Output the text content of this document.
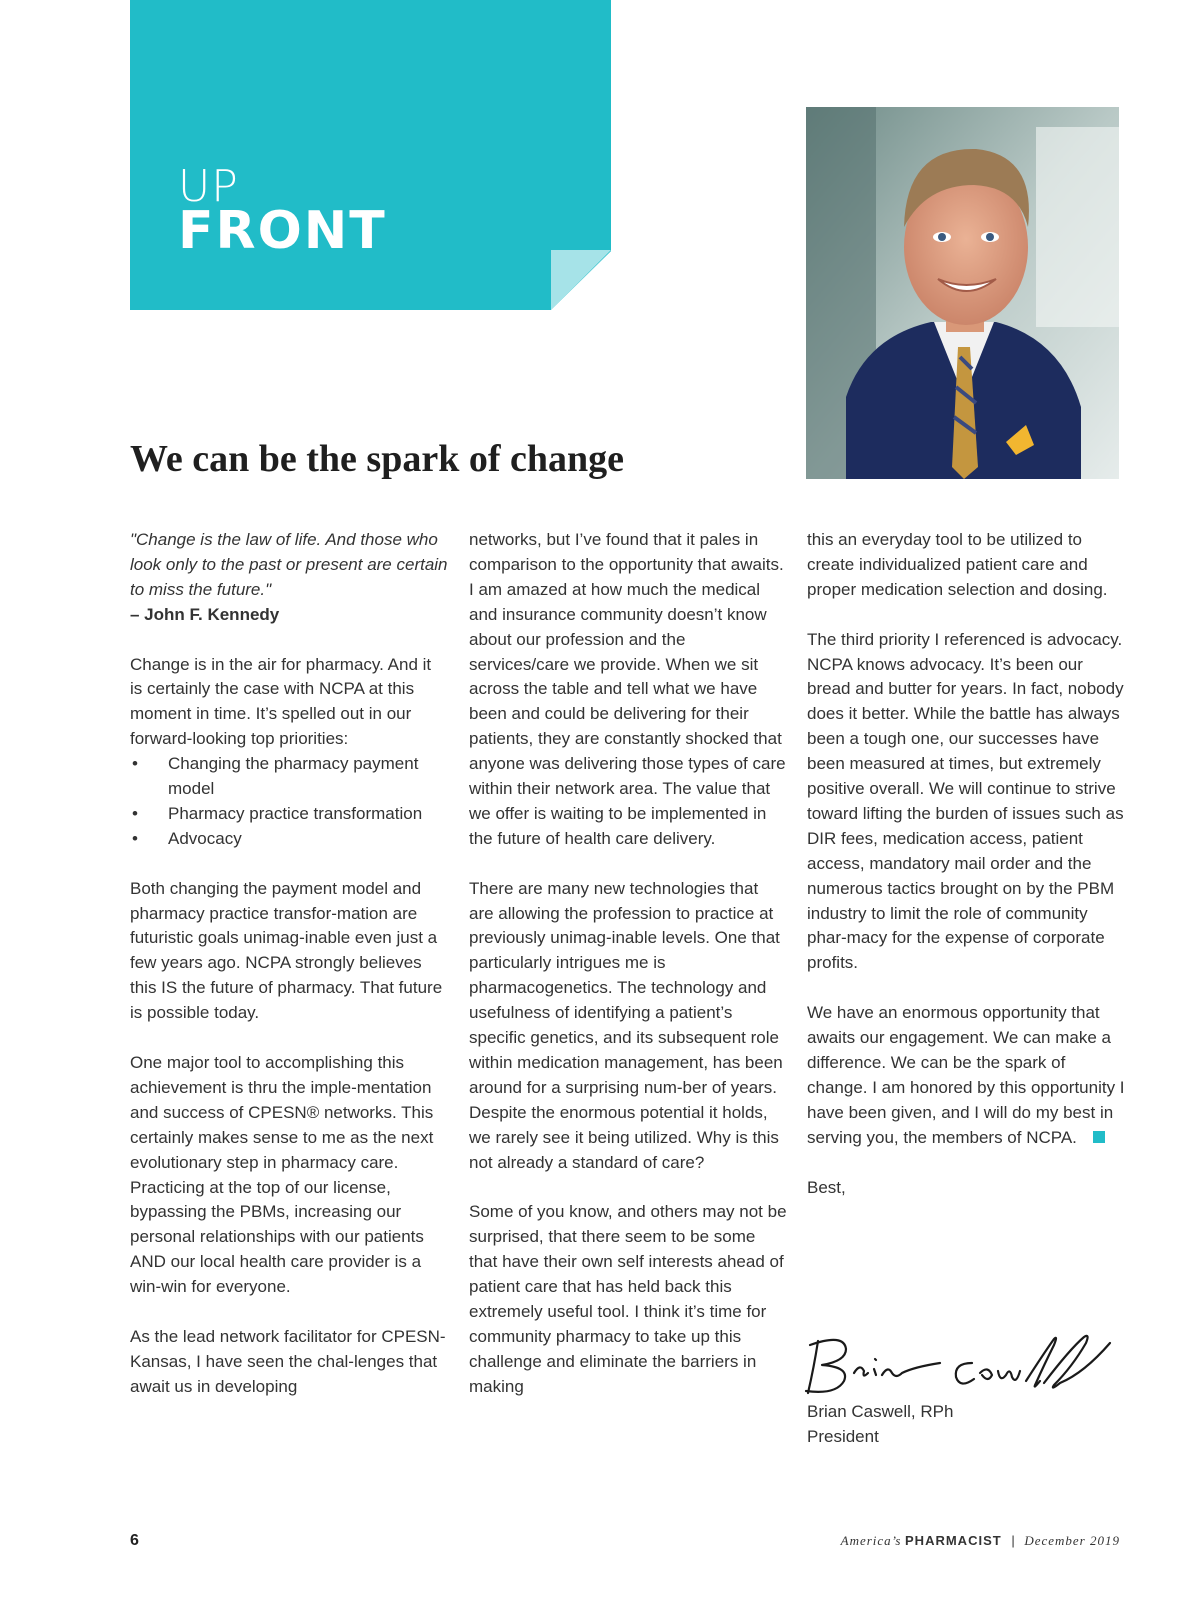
UP
FRONT
We can be the spark of change

"Change is the law of life. And those who look only to the past or present are certain to miss the future."

– John F. Kennedy

Change is in the air for pharmacy. And it is certainly the case with NCPA at this moment in time. It’s spelled out in our forward-looking top priorities:

• Changing the pharmacy payment model
• Pharmacy practice transformation
• Advocacy

Both changing the payment model and pharmacy practice transfor-mation are futuristic goals unimag-inable even just a few years ago. NCPA strongly believes this IS the future of pharmacy. That future is possible today.

One major tool to accomplishing this achievement is thru the imple-mentation and success of CPESN® networks. This certainly makes sense to me as the next evolutionary step in pharmacy care. Practicing at the top of our license, bypassing the PBMs, increasing our personal relationships with our patients AND our local health care provider is a win-win for everyone.

As the lead network facilitator for CPESN-Kansas, I have seen the chal-lenges that await us in developing

networks, but I’ve found that it pales in comparison to the opportunity that awaits. I am amazed at how much the medical and insurance community doesn’t know about our profession and the services/care we provide. When we sit across the table and tell what we have been and could be delivering for their patients, they are constantly shocked that anyone was delivering those types of care within their network area. The value that we offer is waiting to be implemented in the future of health care delivery.

There are many new technologies that are allowing the profession to practice at previously unimag-inable levels. One that particularly intrigues me is pharmacogenetics. The technology and usefulness of identifying a patient’s specific genetics, and its subsequent role within medication management, has been around for a surprising num-ber of years. Despite the enormous potential it holds, we rarely see it being utilized. Why is this not already a standard of care?

Some of you know, and others may not be surprised, that there seem to be some that have their own self interests ahead of patient care that has held back this extremely useful tool. I think it’s time for community pharmacy to take up this challenge and eliminate the barriers in making

this an everyday tool to be utilized to create individualized patient care and proper medication selection and dosing.

The third priority I referenced is advocacy. NCPA knows advocacy. It’s been our bread and butter for years. In fact, nobody does it better. While the battle has always been a tough one, our successes have been measured at times, but extremely positive overall. We will continue to strive toward lifting the burden of issues such as DIR fees, medication access, patient access, mandatory mail order and the numerous tactics brought on by the PBM industry to limit the role of community phar-macy for the expense of corporate profits.

We have an enormous opportunity that awaits our engagement. We can make a difference. We can be the spark of change. I am honored by this opportunity I have been given, and I will do my best in serving you, the members of NCPA.

Best,

Brian Caswell, RPh
President
6	America’s PHARMACIST | December 2019
